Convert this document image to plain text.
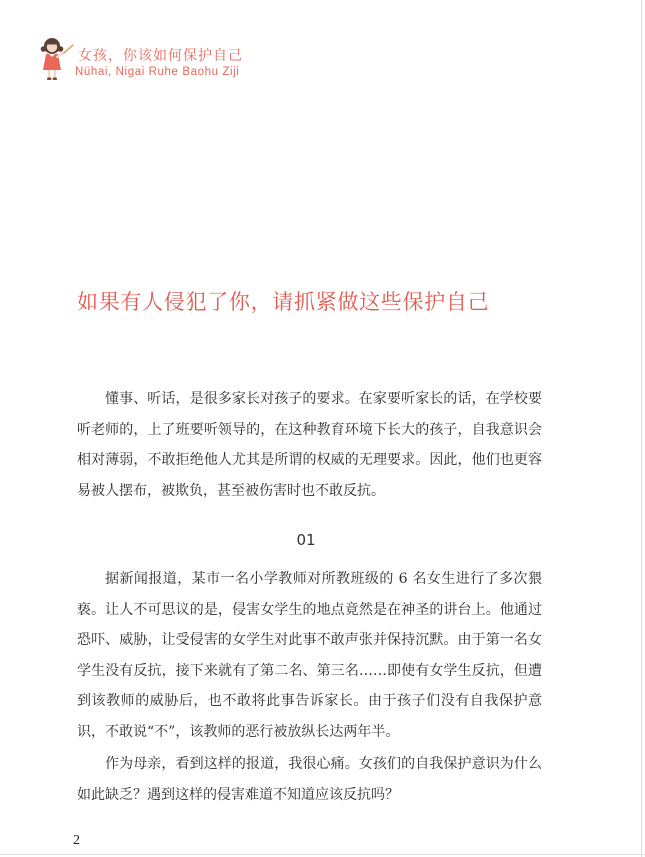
女孩，你该如何保护自己
Nühai, Nigai Ruhe Baohu Ziji
如果有人侵犯了你，请抓紧做这些保护自己

懂事、听话，是很多家长对孩子的要求。在家要听家长的话，在学校要听老师的，上了班要听领导的，在这种教育环境下长大的孩子，自我意识会相对薄弱，不敢拒绝他人尤其是所谓的权威的无理要求。因此，他们也更容易被人摆布，被欺负，甚至被伤害时也不敢反抗。

01

据新闻报道，某市一名小学教师对所教班级的 6 名女生进行了多次猥亵。让人不可思议的是，侵害女学生的地点竟然是在神圣的讲台上。他通过恐吓、威胁，让受侵害的女学生对此事不敢声张并保持沉默。由于第一名女学生没有反抗，接下来就有了第二名、第三名……即使有女学生反抗，但遭到该教师的威胁后，也不敢将此事告诉家长。由于孩子们没有自我保护意识，不敢说“不”，该教师的恶行被放纵长达两年半。

作为母亲，看到这样的报道，我很心痛。女孩们的自我保护意识为什么如此缺乏？遇到这样的侵害难道不知道应该反抗吗？

2
